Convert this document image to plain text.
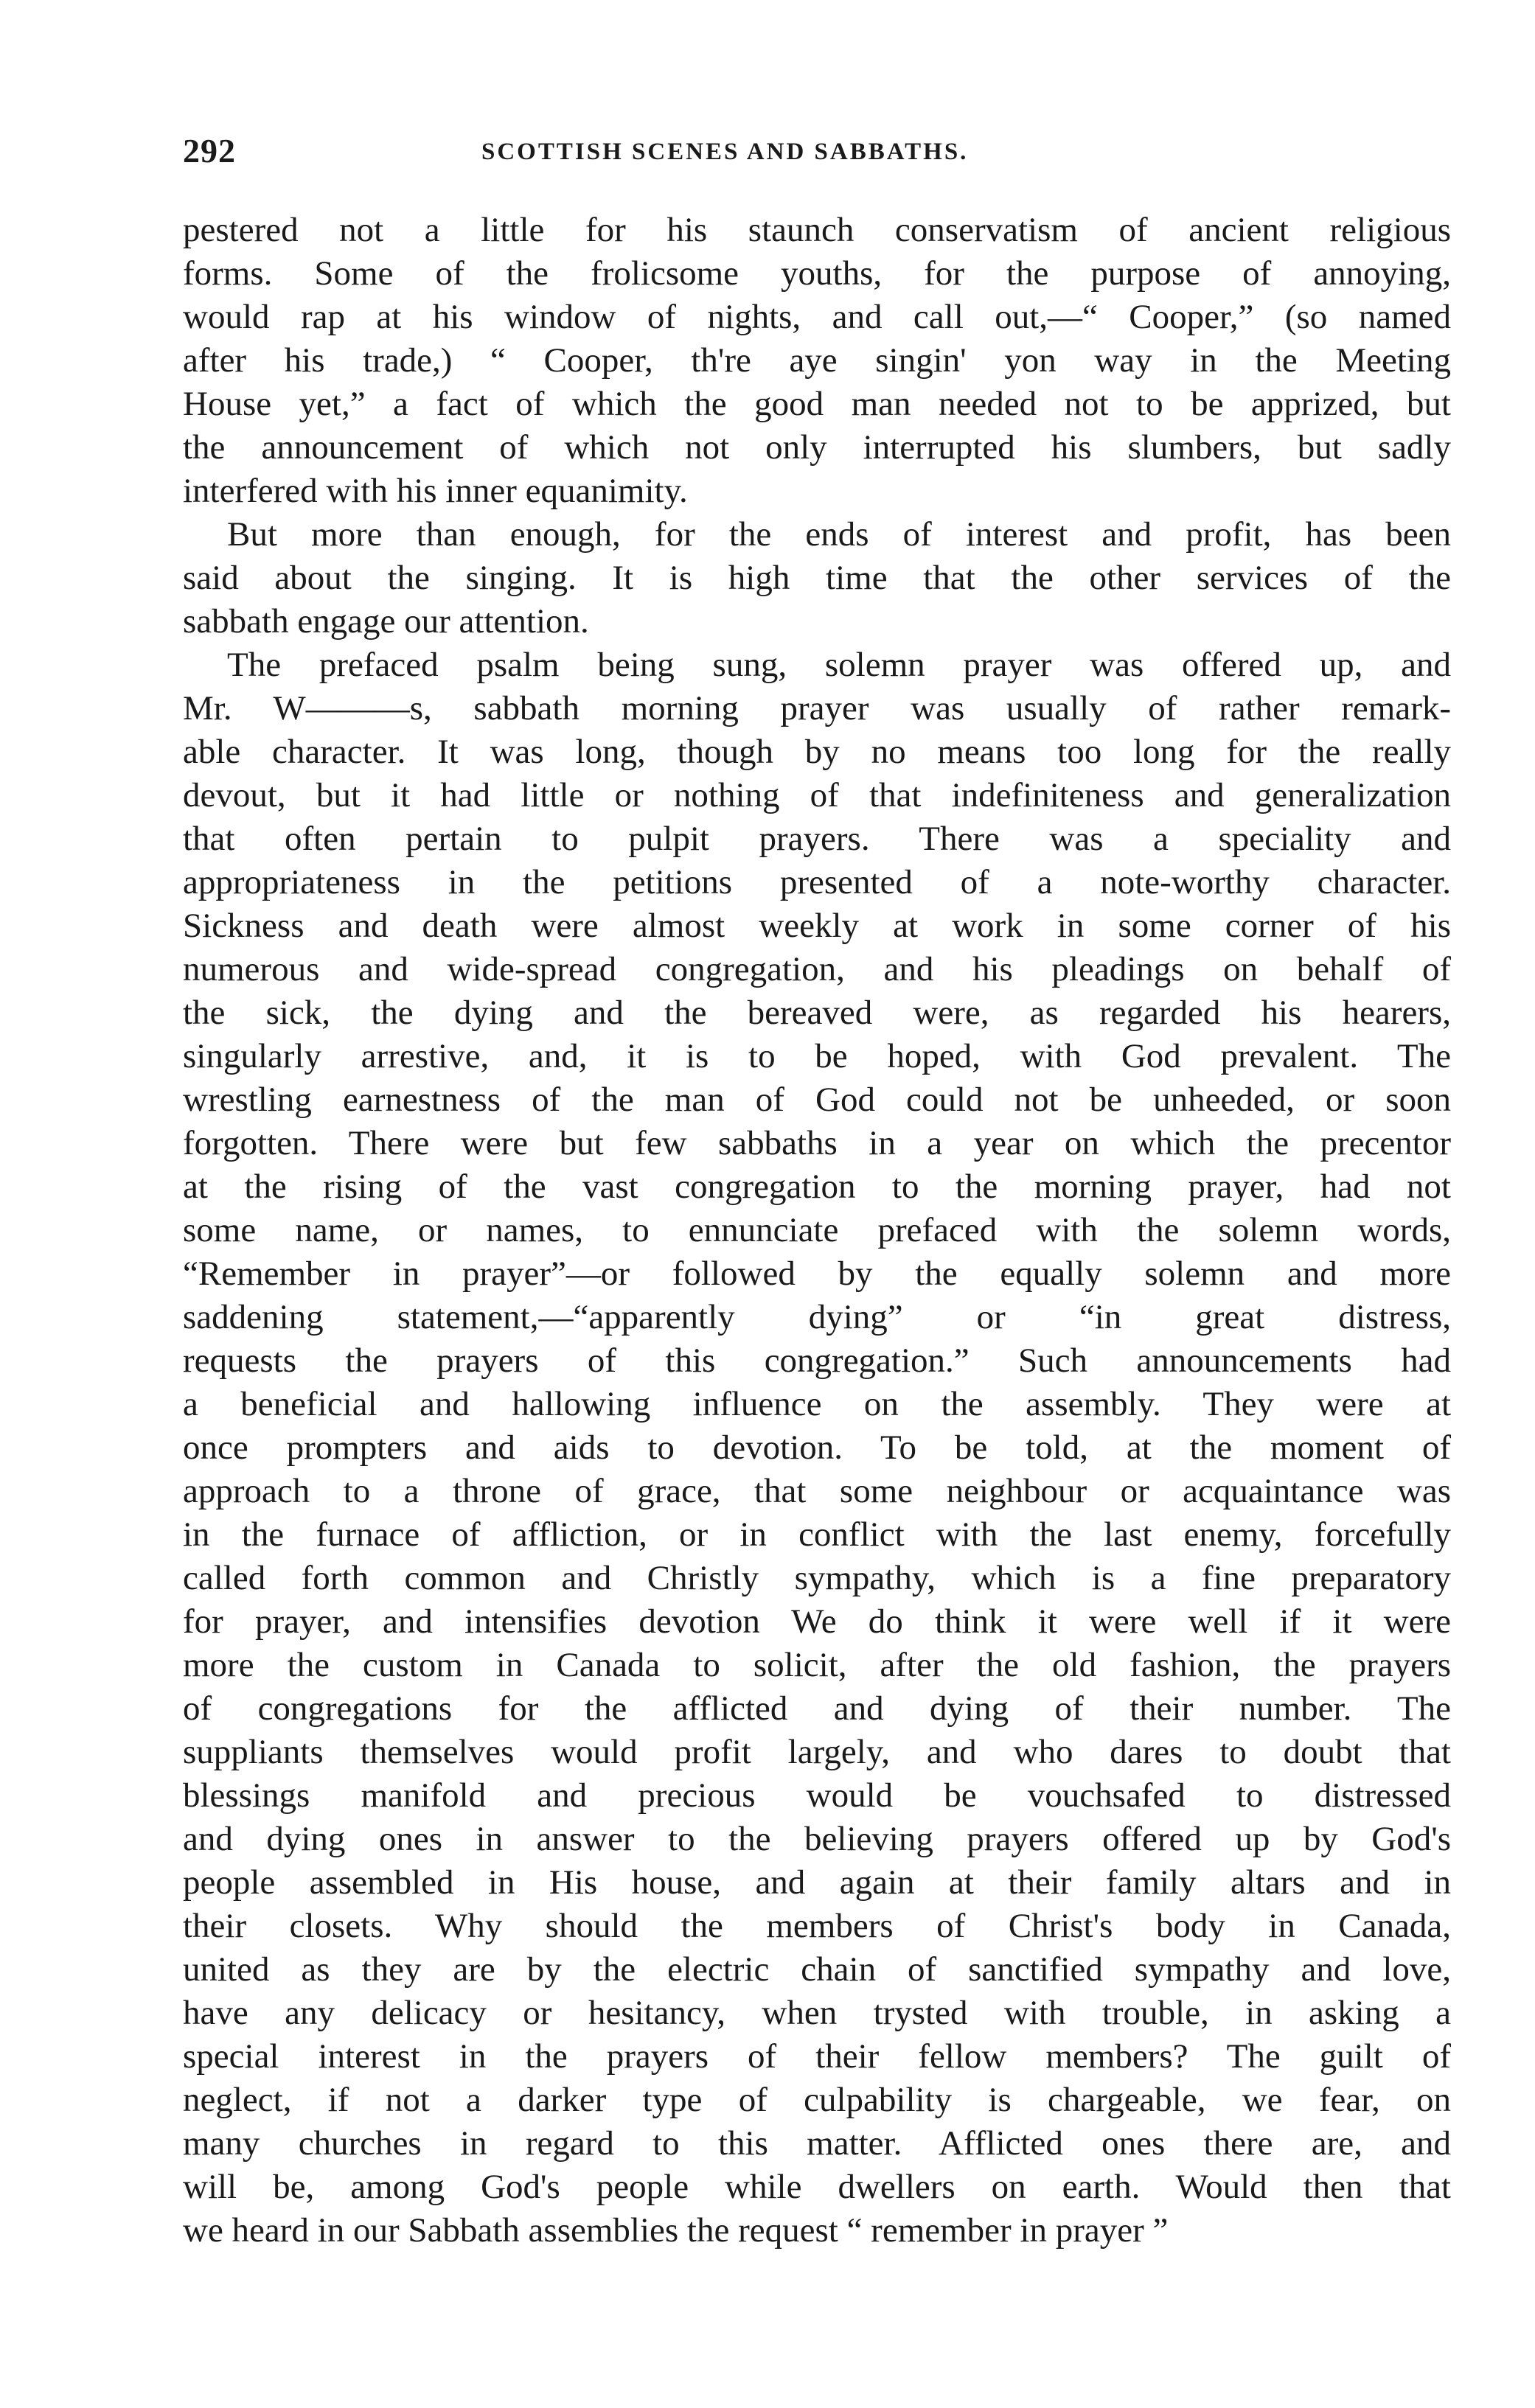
292	SCOTTISH SCENES AND SABBATHS.
pestered not a little for his staunch conservatism of ancient religious
forms. Some of the frolicsome youths, for the purpose of annoying,
would rap at his window of nights, and call out,—“ Cooper,” (so named
after his trade,) “ Cooper, th're aye singin' yon way in the Meeting
House yet,” a fact of which the good man needed not to be apprized, but
the announcement of which not only interrupted his slumbers, but sadly
interfered with his inner equanimity.
But more than enough, for the ends of interest and profit, has been
said about the singing. It is high time that the other services of the
sabbath engage our attention.
The prefaced psalm being sung, solemn prayer was offered up, and
Mr. W———s, sabbath morning prayer was usually of rather remark-
able character. It was long, though by no means too long for the really
devout, but it had little or nothing of that indefiniteness and generalization
that often pertain to pulpit prayers. There was a speciality and
appropriateness in the petitions presented of a note-worthy character.
Sickness and death were almost weekly at work in some corner of his
numerous and wide-spread congregation, and his pleadings on behalf of
the sick, the dying and the bereaved were, as regarded his hearers,
singularly arrestive, and, it is to be hoped, with God prevalent. The
wrestling earnestness of the man of God could not be unheeded, or soon
forgotten. There were but few sabbaths in a year on which the precentor
at the rising of the vast congregation to the morning prayer, had not
some name, or names, to ennunciate prefaced with the solemn words,
“Remember in prayer”—or followed by the equally solemn and more
saddening statement,—“apparently dying” or “in great distress,
requests the prayers of this congregation.” Such announcements had
a beneficial and hallowing influence on the assembly. They were at
once prompters and aids to devotion. To be told, at the moment of
approach to a throne of grace, that some neighbour or acquaintance was
in the furnace of affliction, or in conflict with the last enemy, forcefully
called forth common and Christly sympathy, which is a fine preparatory
for prayer, and intensifies devotion We do think it were well if it were
more the custom in Canada to solicit, after the old fashion, the prayers
of congregations for the afflicted and dying of their number. The
suppliants themselves would profit largely, and who dares to doubt that
blessings manifold and precious would be vouchsafed to distressed
and dying ones in answer to the believing prayers offered up by God's
people assembled in His house, and again at their family altars and in
their closets. Why should the members of Christ's body in Canada,
united as they are by the electric chain of sanctified sympathy and love,
have any delicacy or hesitancy, when trysted with trouble, in asking a
special interest in the prayers of their fellow members? The guilt of
neglect, if not a darker type of culpability is chargeable, we fear, on
many churches in regard to this matter. Afflicted ones there are, and
will be, among God's people while dwellers on earth. Would then that
we heard in our Sabbath assemblies the request “ remember in prayer ”
